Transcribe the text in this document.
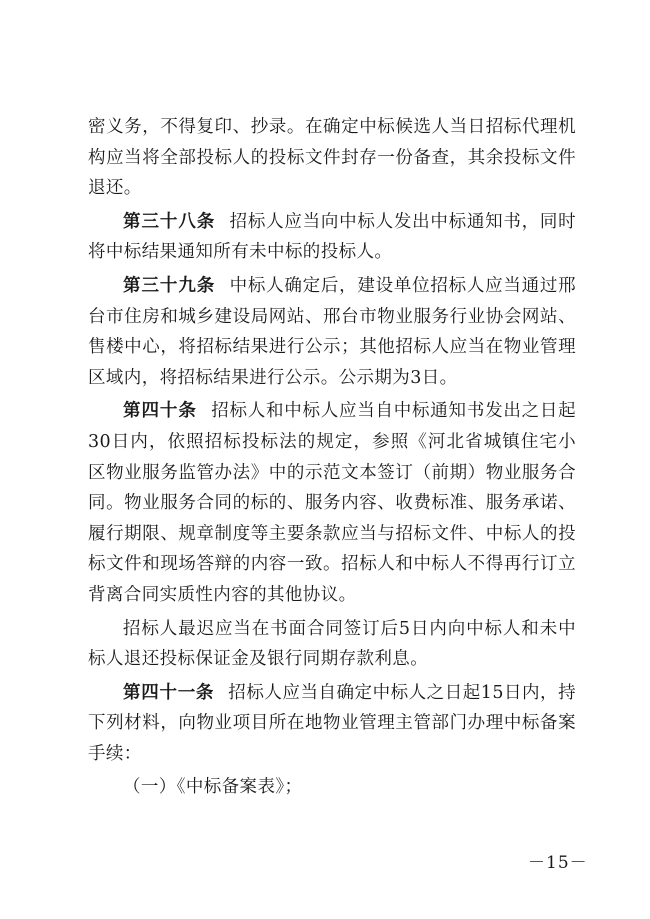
密义务，不得复印、抄录。在确定中标候选人当日招标代理机构应当将全部投标人的投标文件封存一份备查，其余投标文件退还。

第三十八条 招标人应当向中标人发出中标通知书，同时将中标结果通知所有未中标的投标人。

第三十九条 中标人确定后，建设单位招标人应当通过邢台市住房和城乡建设局网站、邢台市物业服务行业协会网站、售楼中心，将招标结果进行公示；其他招标人应当在物业管理区域内，将招标结果进行公示。公示期为3日。

第四十条 招标人和中标人应当自中标通知书发出之日起30日内，依照招标投标法的规定，参照《河北省城镇住宅小区物业服务监管办法》中的示范文本签订（前期）物业服务合同。物业服务合同的标的、服务内容、收费标准、服务承诺、履行期限、规章制度等主要条款应当与招标文件、中标人的投标文件和现场答辩的内容一致。招标人和中标人不得再行订立背离合同实质性内容的其他协议。

招标人最迟应当在书面合同签订后5日内向中标人和未中标人退还投标保证金及银行同期存款利息。

第四十一条 招标人应当自确定中标人之日起15日内，持下列材料，向物业项目所在地物业管理主管部门办理中标备案手续：

（一）《中标备案表》；

－15－
